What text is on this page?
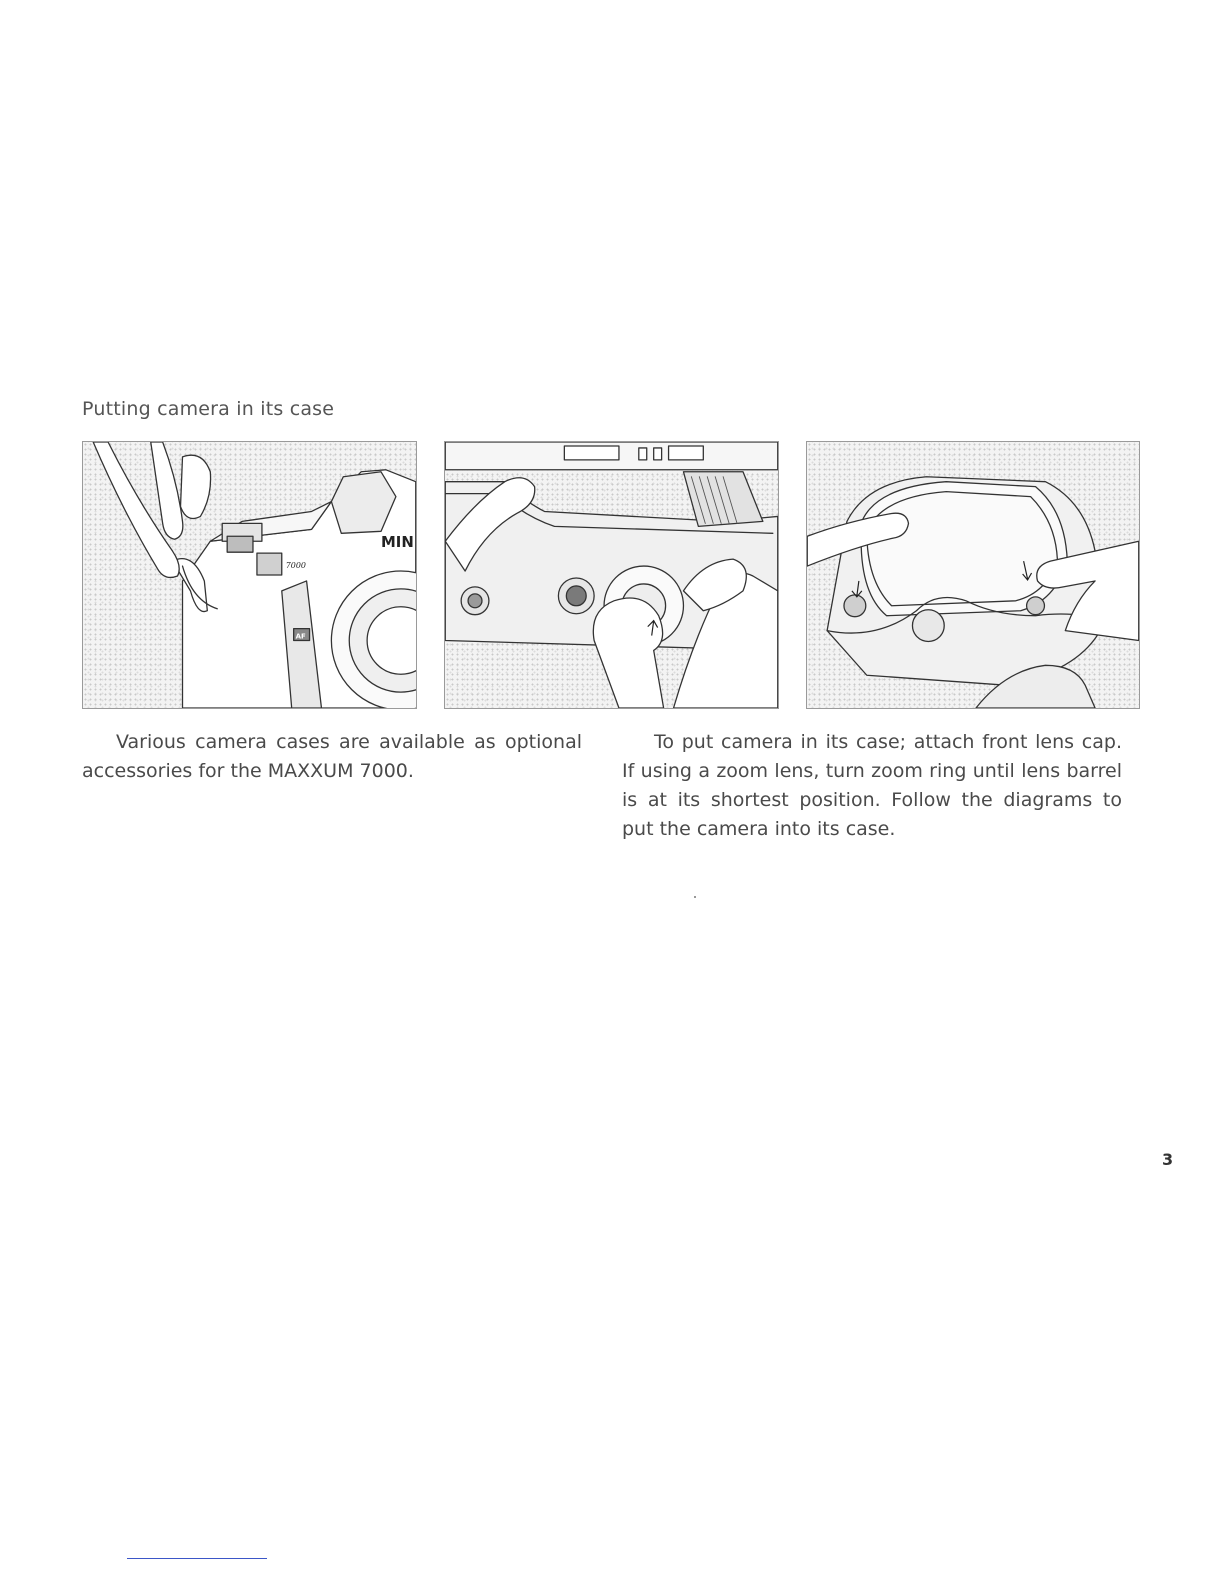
Putting camera in its case
MIN
7000
AF
Various camera cases are available as optional accessories for the MAXXUM 7000.
To put camera in its case; attach front lens cap. If using a zoom lens, turn zoom ring until lens barrel is at its shortest position. Follow the diagrams to put the camera into its case.
3
